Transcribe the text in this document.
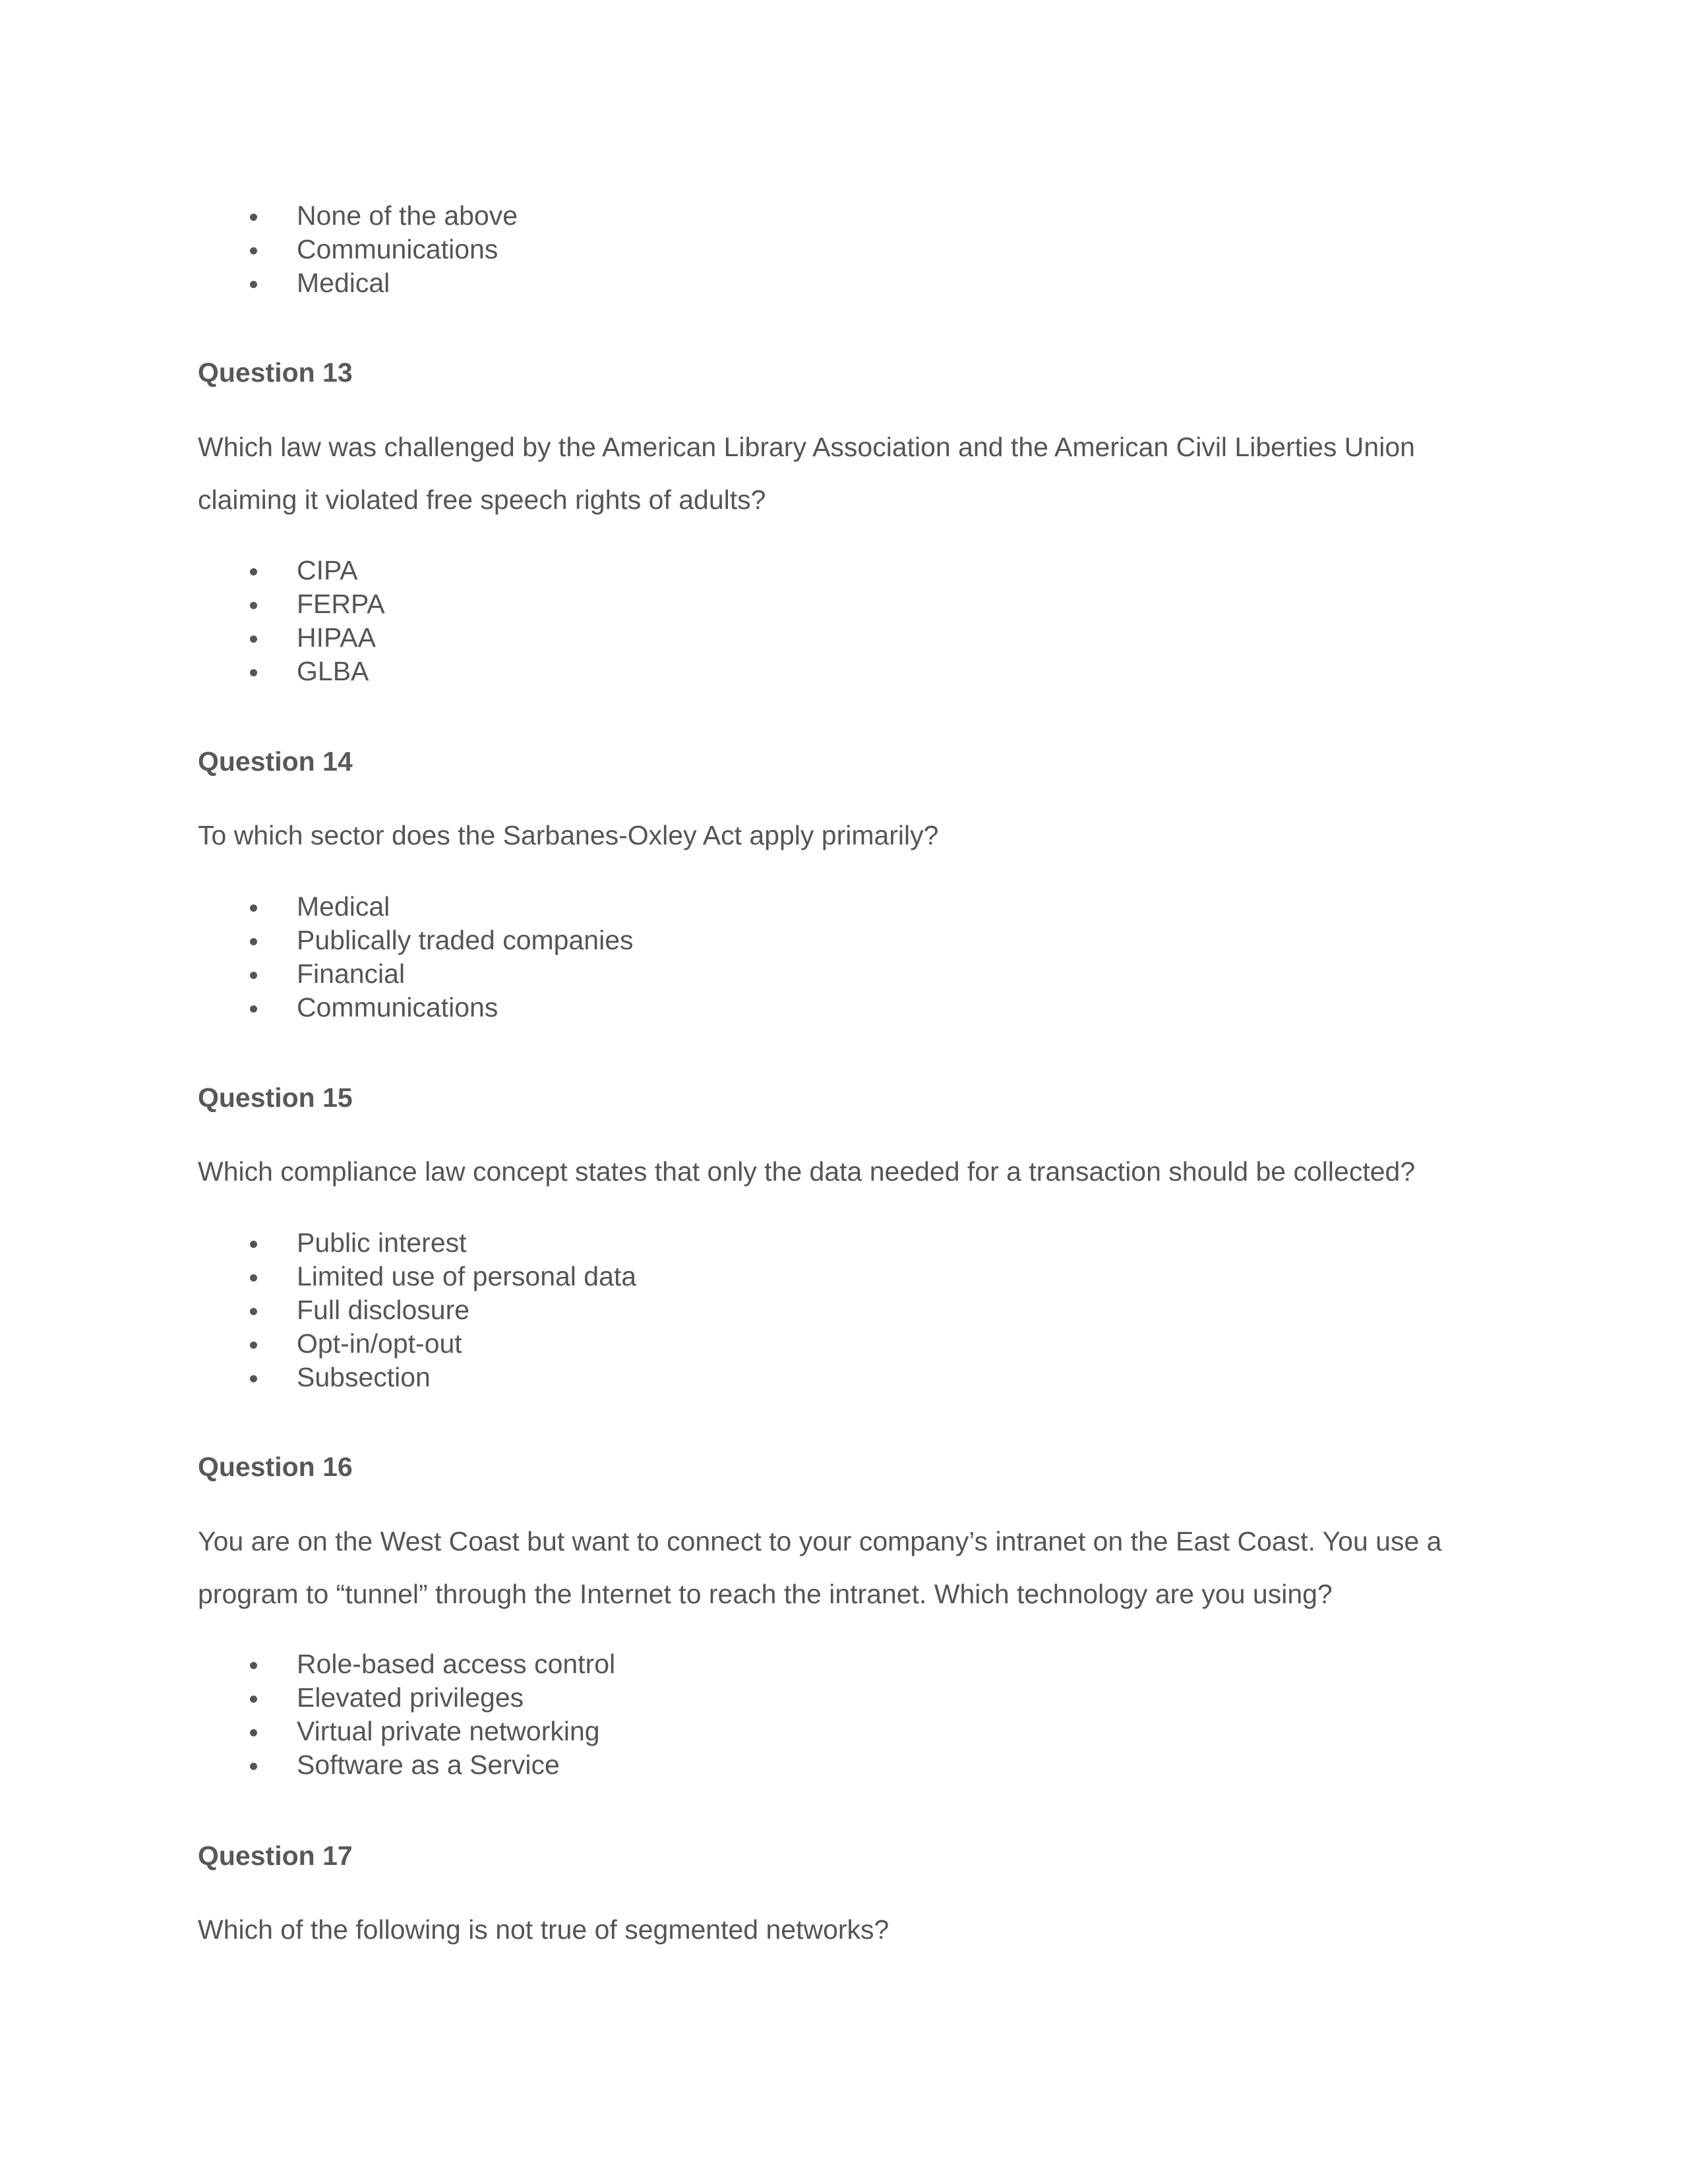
None of the above
Communications
Medical
Question 13
Which law was challenged by the American Library Association and the American Civil Liberties Union claiming it violated free speech rights of adults?
CIPA
FERPA
HIPAA
GLBA
Question 14
To which sector does the Sarbanes-Oxley Act apply primarily?
Medical
Publically traded companies
Financial
Communications
Question 15
Which compliance law concept states that only the data needed for a transaction should be collected?
Public interest
Limited use of personal data
Full disclosure
Opt-in/opt-out
Subsection
Question 16
You are on the West Coast but want to connect to your company’s intranet on the East Coast. You use a program to “tunnel” through the Internet to reach the intranet. Which technology are you using?
Role-based access control
Elevated privileges
Virtual private networking
Software as a Service
Question 17
Which of the following is not true of segmented networks?
